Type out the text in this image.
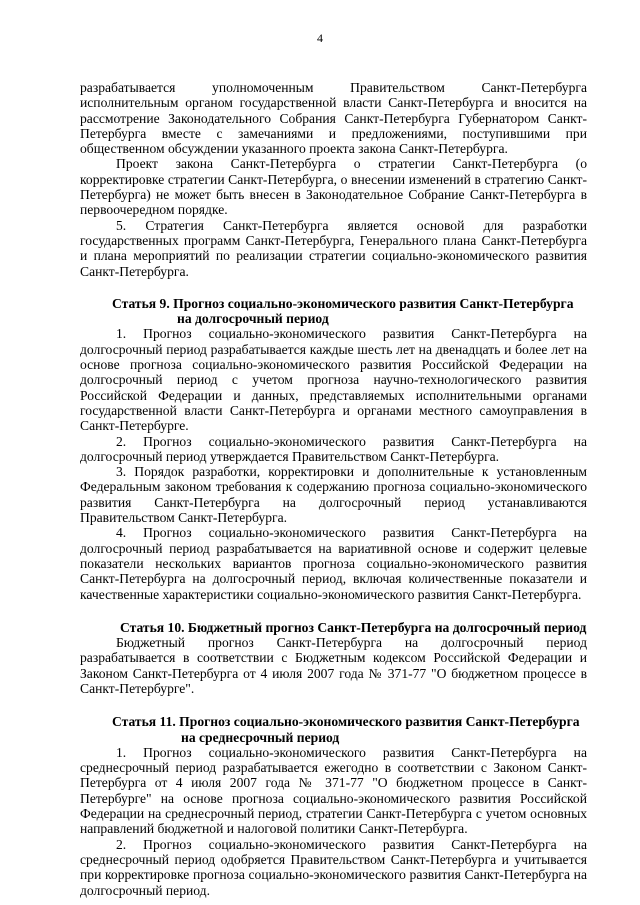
4

разрабатывается уполномоченным Правительством Санкт-Петербурга исполнительным органом государственной власти Санкт-Петербурга и вносится на рассмотрение Законодательного Собрания Санкт-Петербурга Губернатором Санкт-Петербурга вместе с замечаниями и предложениями, поступившими при общественном обсуждении указанного проекта закона Санкт-Петербурга.

Проект закона Санкт-Петербурга о стратегии Санкт-Петербурга (о корректировке стратегии Санкт-Петербурга, о внесении изменений в стратегию Санкт-Петербурга) не может быть внесен в Законодательное Собрание Санкт-Петербурга в первоочередном порядке.

5. Стратегия Санкт-Петербурга является основой для разработки государственных программ Санкт-Петербурга, Генерального плана Санкт-Петербурга и плана мероприятий по реализации стратегии социально-экономического развития Санкт-Петербурга.

Статья 9. Прогноз социально-экономического развития Санкт-Петербурга
на долгосрочный период

1. Прогноз социально-экономического развития Санкт-Петербурга на долгосрочный период разрабатывается каждые шесть лет на двенадцать и более лет на основе прогноза социально-экономического развития Российской Федерации на долгосрочный период с учетом прогноза научно-технологического развития Российской Федерации и данных, представляемых исполнительными органами государственной власти Санкт-Петербурга и органами местного самоуправления в Санкт-Петербурге.

2. Прогноз социально-экономического развития Санкт-Петербурга на долгосрочный период утверждается Правительством Санкт-Петербурга.

3. Порядок разработки, корректировки и дополнительные к установленным Федеральным законом требования к содержанию прогноза социально-экономического развития Санкт-Петербурга на долгосрочный период устанавливаются Правительством Санкт-Петербурга.

4. Прогноз социально-экономического развития Санкт-Петербурга на долгосрочный период разрабатывается на вариативной основе и содержит целевые показатели нескольких вариантов прогноза социально-экономического развития Санкт-Петербурга на долгосрочный период, включая количественные показатели и качественные характеристики социально-экономического развития Санкт-Петербурга.

Статья 10. Бюджетный прогноз Санкт-Петербурга на долгосрочный период

Бюджетный прогноз Санкт-Петербурга на долгосрочный период разрабатывается в соответствии с Бюджетным кодексом Российской Федерации и Законом Санкт-Петербурга от 4 июля 2007 года № 371-77 "О бюджетном процессе в Санкт-Петербурге".

Статья 11. Прогноз социально-экономического развития Санкт-Петербурга
на среднесрочный период

1. Прогноз социально-экономического развития Санкт-Петербурга на среднесрочный период разрабатывается ежегодно в соответствии с Законом Санкт-Петербурга от 4 июля 2007 года № 371-77 "О бюджетном процессе в Санкт-Петербурге" на основе прогноза социально-экономического развития Российской Федерации на среднесрочный период, стратегии Санкт-Петербурга с учетом основных направлений бюджетной и налоговой политики Санкт-Петербурга.

2. Прогноз социально-экономического развития Санкт-Петербурга на среднесрочный период одобряется Правительством Санкт-Петербурга и учитывается при корректировке прогноза социально-экономического развития Санкт-Петербурга на долгосрочный период.
